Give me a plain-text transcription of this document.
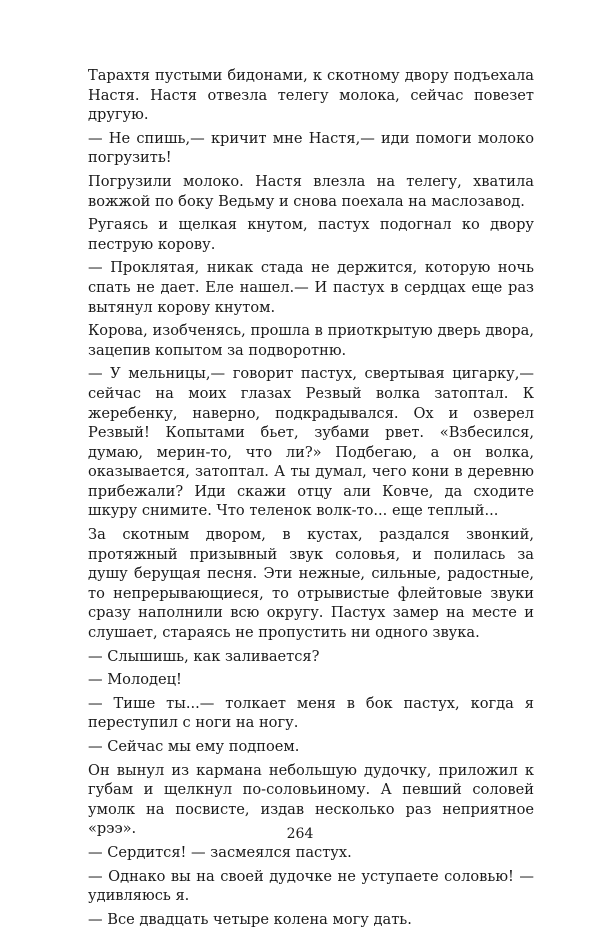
Тарахтя пустыми бидонами, к скотному двору подъехала Настя. Настя отвезла телегу молока, сейчас повезет другую.

— Не спишь,— кричит мне Настя,— иди помоги молоко погрузить!

Погрузили молоко. Настя влезла на телегу, хватила вожжой по боку Ведьму и снова поехала на маслозавод.

Ругаясь и щелкая кнутом, пастух подогнал ко двору пеструю корову.

— Проклятая, никак стада не держится, которую ночь спать не дает. Еле нашел.— И пастух в сердцах еще раз вытянул корову кнутом.

Корова, изобченясь, прошла в приоткрытую дверь двора, зацепив копытом за подворотню.

— У мельницы,— говорит пастух, свертывая цигарку,— сейчас на моих глазах Резвый волка затоптал. К жеребенку, наверно, подкрадывался. Ох и озверел Резвый! Копытами бьет, зубами рвет. «Взбесился, думаю, мерин-то, что ли?» Подбегаю, а он волка, оказывается, затоптал. А ты думал, чего кони в деревню прибежали? Иди скажи отцу али Ковче, да сходите шкуру снимите. Что теленок волк-то... еще теплый...

За скотным двором, в кустах, раздался звонкий, протяжный призывный звук соловья, и полилась за душу берущая песня. Эти нежные, сильные, радостные, то непрерывающиеся, то отрывистые флейтовые звуки сразу наполнили всю округу. Пастух замер на месте и слушает, стараясь не пропустить ни одного звука.

— Слышишь, как заливается?

— Молодец!

— Тише ты...— толкает меня в бок пастух, когда я переступил с ноги на ногу.

— Сейчас мы ему подпоем.

Он вынул из кармана небольшую дудочку, приложил к губам и щелкнул по-соловьиному. А певший соловей умолк на посвисте, издав несколько раз неприятное «рээ».

— Сердится! — засмеялся пастух.

— Однако вы на своей дудочке не уступаете соловью! — удивляюсь я.

— Все двадцать четыре колена могу дать.

264
